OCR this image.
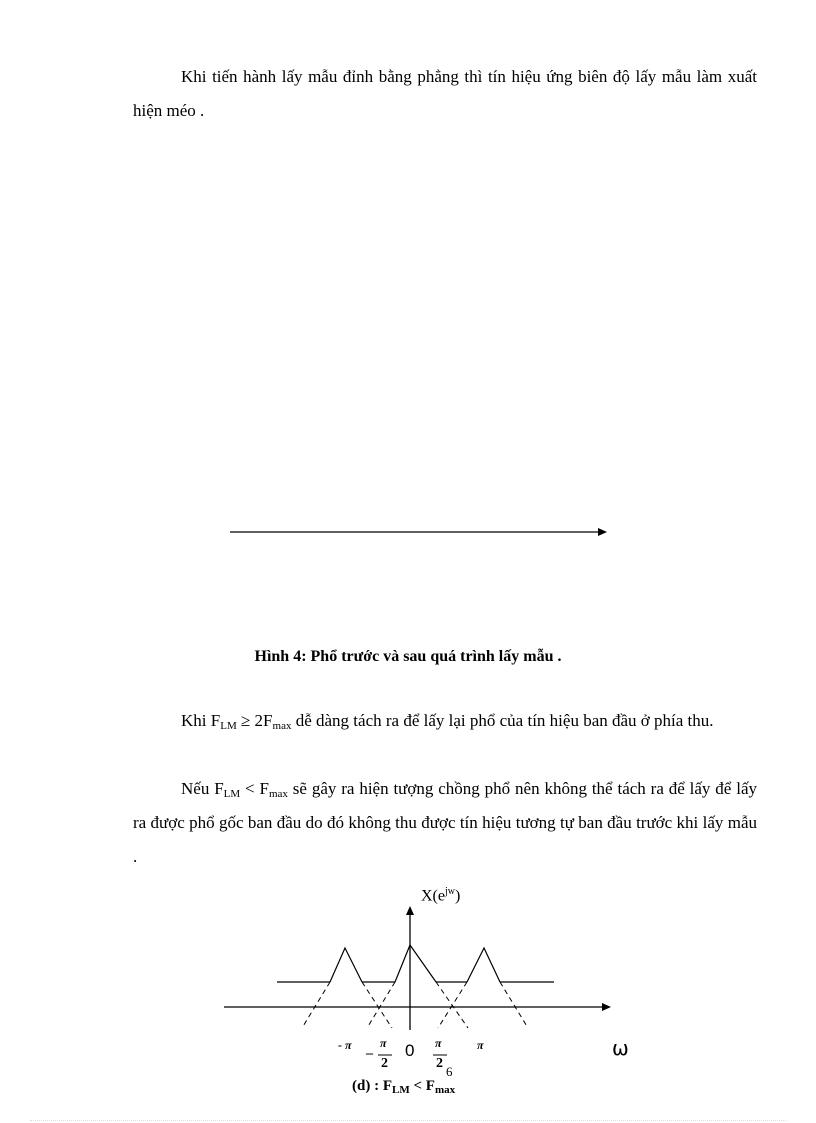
Khi tiến hành lấy mẫu đỉnh bằng phẳng thì tín hiệu ứng biên độ lấy mẫu làm xuất hiện méo .
$X(e^{jw})$
ω
- π
–
π
2
0 π
2
6
π
(d) : $F_{LM} < F_{max}$
Hình 4: Phổ trước và sau quá trình lấy mẫu .
Khi $F_{LM} \ge 2F_{max}$ dễ dàng tách ra để lấy lại phổ của tín hiệu ban đầu ở phía thu.
Nếu $F_{LM} < F_{max}$ sẽ gây ra hiện tượng chồng phổ nên không thể tách ra để lấy để lấy ra được phổ gốc ban đầu do đó không thu được tín hiệu tương tự ban đầu trước khi lấy mẫu .
